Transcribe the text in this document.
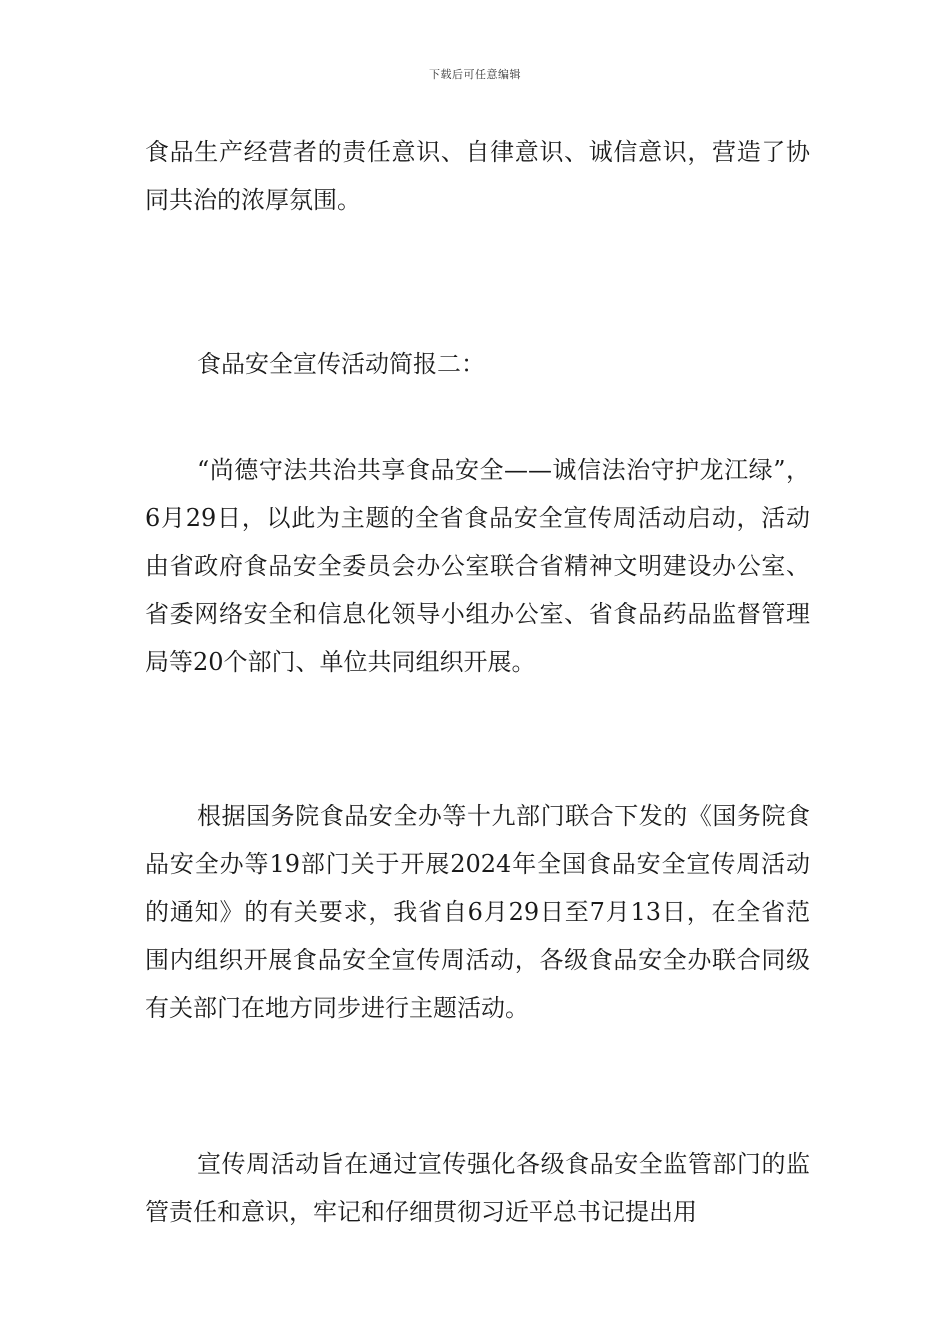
下载后可任意编辑

食品生产经营者的责任意识、自律意识、诚信意识，营造了协同共治的浓厚氛围。

食品安全宣传活动简报二：

“尚德守法共治共享食品安全——诚信法治守护龙江绿”，6月29日，以此为主题的全省食品安全宣传周活动启动，活动由省政府食品安全委员会办公室联合省精神文明建设办公室、省委网络安全和信息化领导小组办公室、省食品药品监督管理局等20个部门、单位共同组织开展。

根据国务院食品安全办等十九部门联合下发的《国务院食品安全办等19部门关于开展2024年全国食品安全宣传周活动的通知》的有关要求，我省自6月29日至7月13日，在全省范围内组织开展食品安全宣传周活动，各级食品安全办联合同级有关部门在地方同步进行主题活动。

宣传周活动旨在通过宣传强化各级食品安全监管部门的监管责任和意识，牢记和仔细贯彻习近平总书记提出用
